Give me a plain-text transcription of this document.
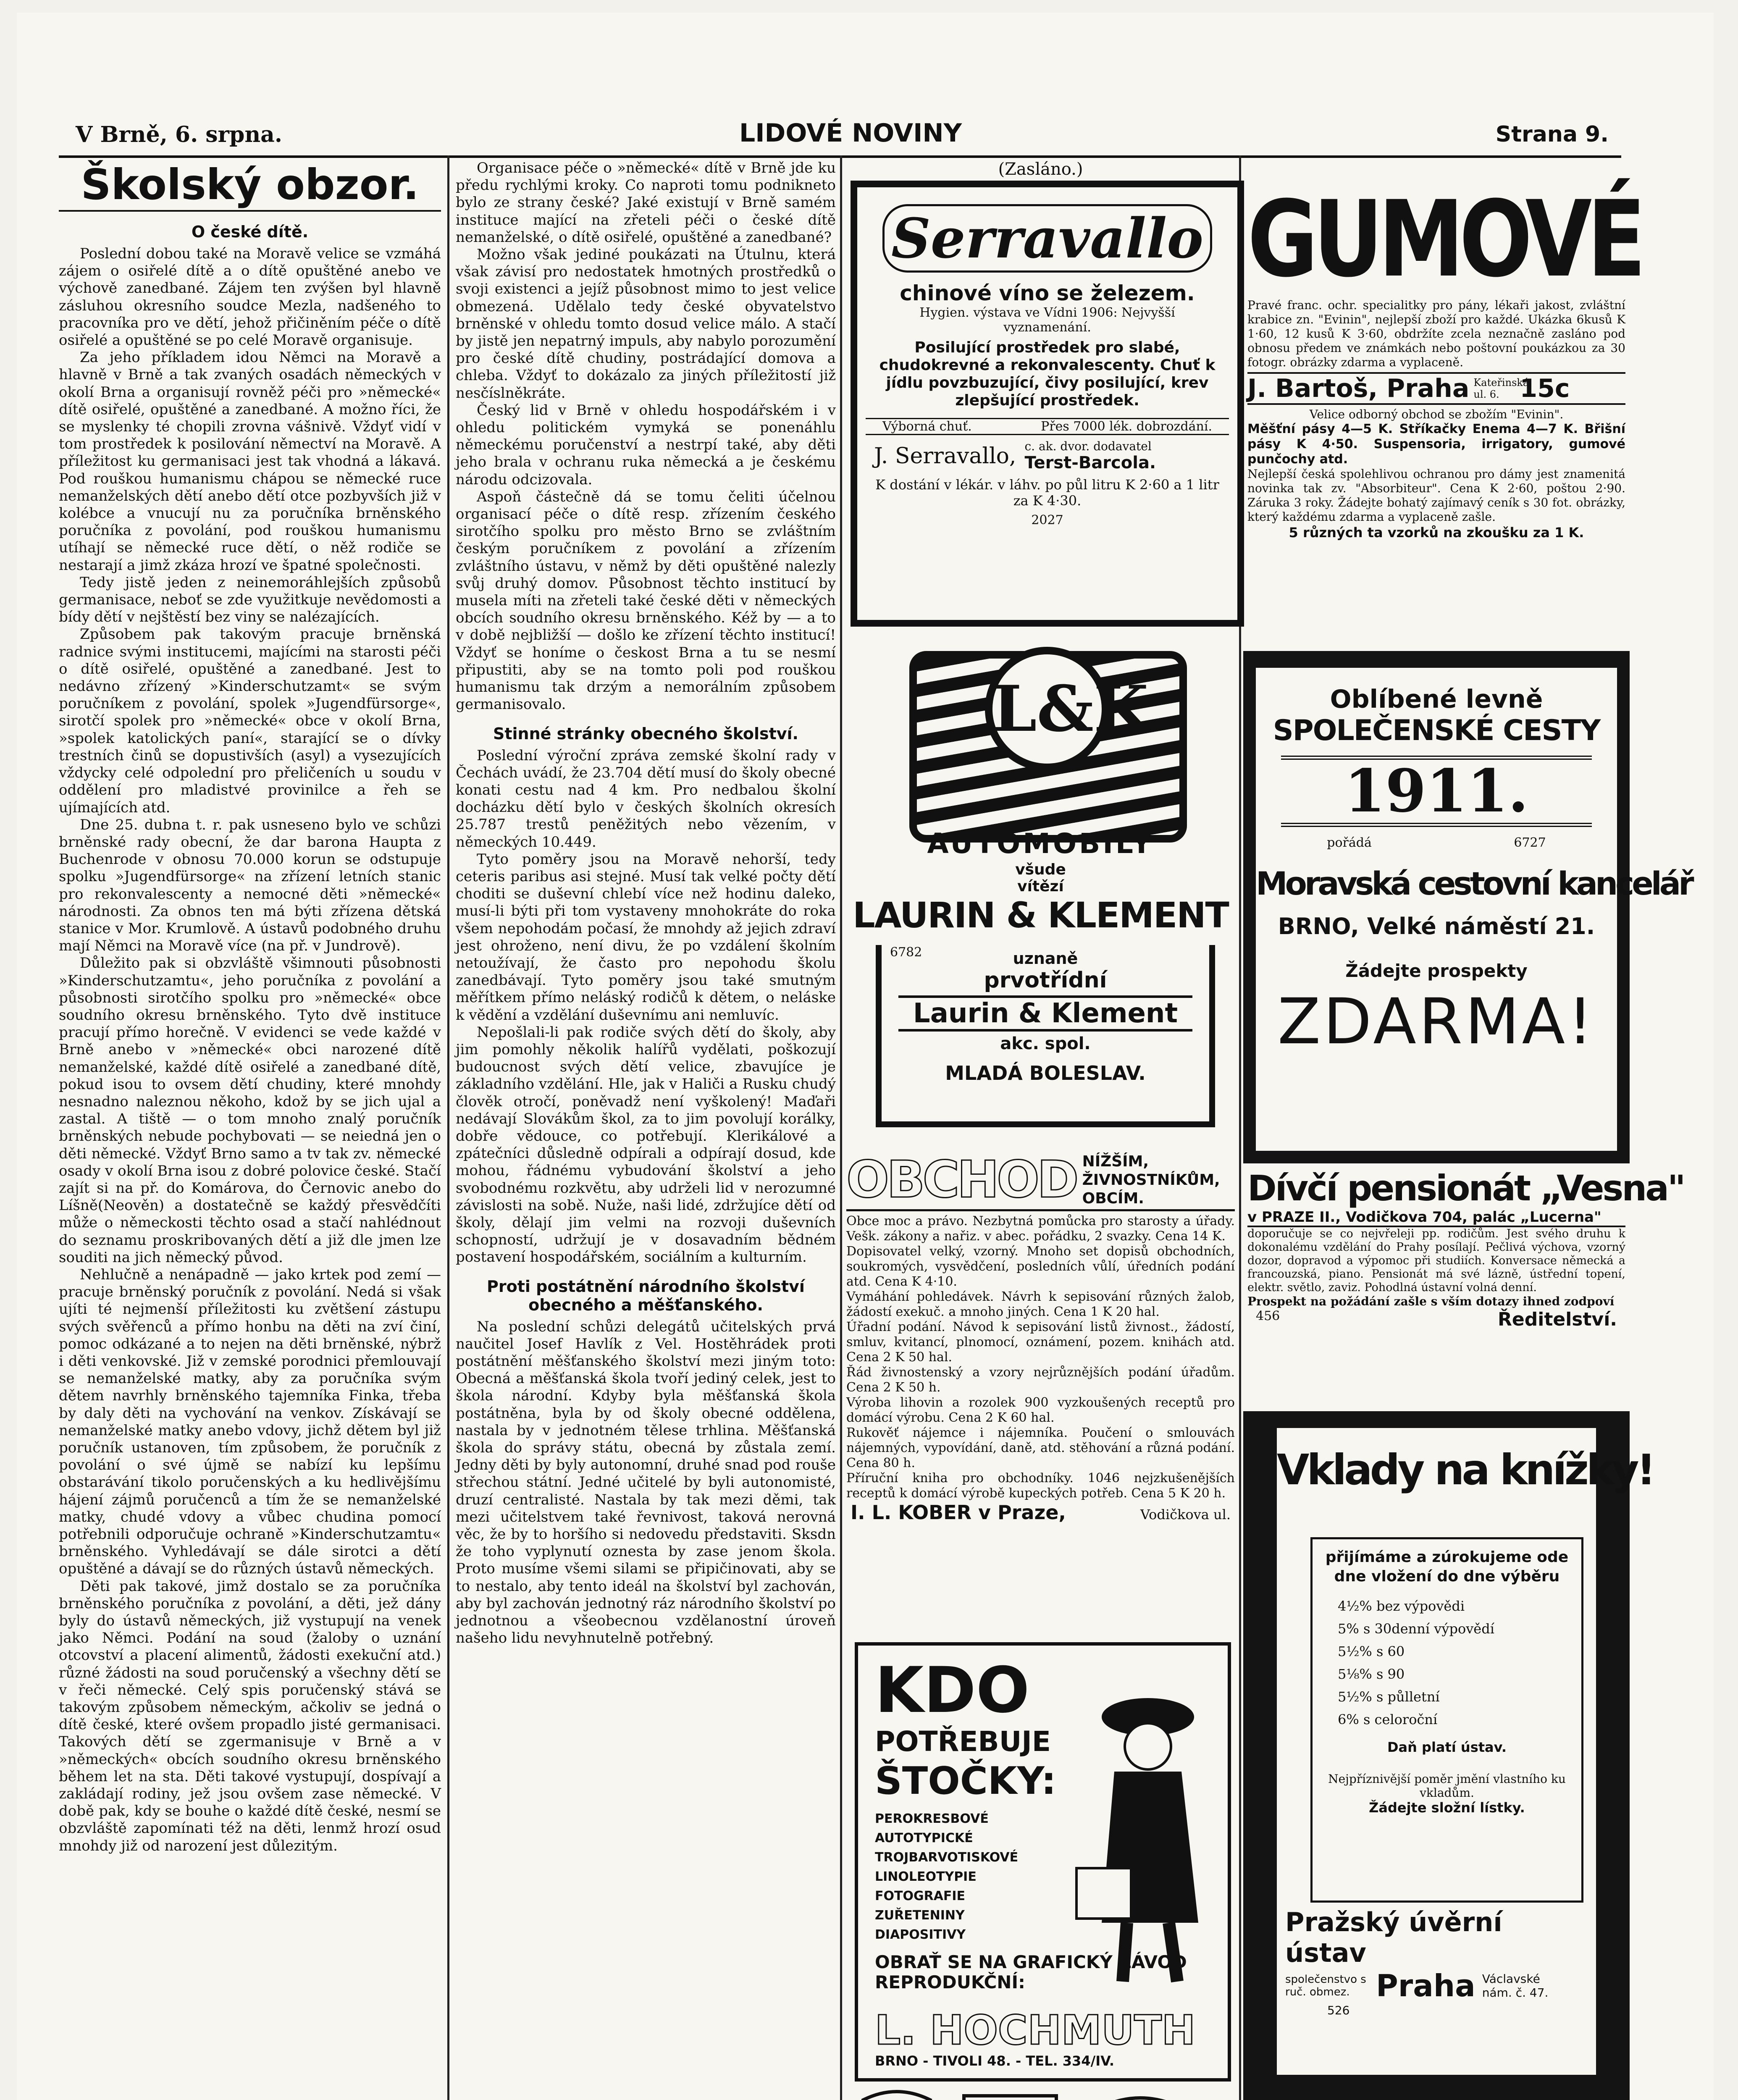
V Brně, 6. srpna.	LIDOVÉ NOVINY	Strana 9.
Školský obzor.
O české dítě.

Poslední dobou také na Moravě velice se vzmáhá zájem o osiřelé dítě a o dítě opuštěné anebo ve výchově zanedbané. Zájem ten zvýšen byl hlavně zásluhou okresního soudce Mezla, nadšeného to pracovníka pro ve dětí, jehož přičiněním péče o dítě osiřelé a opuštěné se po celé Moravě organisuje.

Za jeho příkladem idou Němci na Moravě a hlavně v Brně a tak zvaných osadách německých v okolí Brna a organisují rovněž péči pro »německé« dítě osiřelé, opuštěné a zanedbané. A možno říci, že se myslenky té chopili zrovna vášnivě. Vždyť vidí v tom prostředek k posilování němectví na Moravě. A příležitost ku germanisaci jest tak vhodná a lákavá. Pod rouškou humanismu chápou se německé ruce nemanželských dětí anebo dětí otce pozbyvších již v kolébce a vnucují nu za poručníka brněnského poručníka z povolání, pod rouškou humanismu utíhají se německé ruce dětí, o něž rodiče se nestarají a jimž zkáza hrozí ve špatné společnosti.

Tedy jistě jeden z neinemoráhlejších způsobů germanisace, neboť se zde využitkuje nevědomosti a bídy dětí v nejštěstí bez viny se nalézajících.

Způsobem pak takovým pracuje brněnská radnice svými institucemi, majícími na starosti péči o dítě osiřelé, opuštěné a zanedbané. Jest to nedávno zřízený »Kinderschutzamt« se svým poručníkem z povolání, spolek »Jugendfürsorge«, sirotčí spolek pro »německé« obce v okolí Brna, »spolek katolických paní«, starající se o dívky trestních činů se dopustivších (asyl) a vysezujících vždycky celé odpolední pro přeličeních u soudu v oddělení pro mladistvé provinilce a řeh se ujímajících atd.

Dne 25. dubna t. r. pak usneseno bylo ve schůzi brněnské rady obecní, že dar barona Haupta z Buchenrode v obnosu 70.000 korun se odstupuje spolku »Jugendfürsorge« na zřízení letních stanic pro rekonvalescenty a nemocné děti »německé« národnosti. Za obnos ten má býti zřízena dětská stanice v Mor. Krumlově. A ústavů podobného druhu mají Němci na Moravě více (na př. v Jundrově).

Důležito pak si obzvláště všimnouti působnosti »Kinderschutzamtu«, jeho poručníka z povolání a působnosti sirotčího spolku pro »německé« obce soudního okresu brněnského. Tyto dvě instituce pracují přímo horečně. V evidenci se vede každé v Brně anebo v »německé« obci narozené dítě nemanželské, každé dítě osiřelé a zanedbané dítě, pokud isou to ovsem dětí chudiny, které mnohdy nesnadno naleznou někoho, kdož by se jich ujal a zastal. A tiště — o tom mnoho znalý poručník brněnských nebude pochybovati — se neiedná jen o děti německé. Vždyť Brno samo a tv tak zv. německé osady v okolí Brna isou z dobré polovice české. Stačí zajít si na př. do Komárova, do Černovic anebo do Líšně(Neověn) a dostatečně se každý přesvědčíti může o německosti těchto osad a stačí nahlédnout do seznamu proskribovaných dětí a již dle jmen lze souditi na jich německý původ.

Nehlučně a nenápadně — jako krtek pod zemí — pracuje brněnský poručník z povolání. Nedá si však ujíti té nejmenší příležitosti ku zvětšení zástupu svých svěřenců a přímo honbu na děti na zví činí, pomoc odkázané a to nejen na děti brněnské, nýbrž i děti venkovské. Již v zemské porodnici přemlouvají se nemanželské matky, aby za poručníka svým dětem navrhly brněnského tajemníka Finka, třeba by daly děti na vychování na venkov. Získávají se nemanželské matky anebo vdovy, jichž dětem byl již poručník ustanoven, tím způsobem, že poručník z povolání o své újmě se nabízí ku lepšímu obstarávání tikolo poručenských a ku hedlivějšímu hájení zájmů poručenců a tím že se nemanželské matky, chudé vdovy a vůbec chudina pomocí potřebnili odporučuje ochraně »Kinderschutzamtu« brněnského. Vyhledávají se dále sirotci a dětí opuštěné a dávají se do různých ústavů německých.

Děti pak takové, jimž dostalo se za poručníka brněnského poručníka z povolání, a děti, jež dány byly do ústavů německých, již vystupují na venek jako Němci. Podání na soud (žaloby o uznání otcovství a placení alimentů, žádosti exekuční atd.) různé žádosti na soud poručenský a všechny dětí se v řeči německé. Celý spis poručenský stává se takovým způsobem německým, ačkoliv se jedná o dítě české, které ovšem propadlo jisté germanisaci. Takových dětí se zgermanisuje v Brně a v »německých« obcích soudního okresu brněnského během let na sta. Děti takové vystupují, dospívají a zakládají rodiny, jež jsou ovšem zase německé. V době pak, kdy se bouhe o každé dítě české, nesmí se obzvláště zapomínati též na děti, lenmž hrozí osud mnohdy již od narození jest důlezitým.

Organisace péče o »německé« dítě v Brně jde ku předu rychlými kroky. Co naproti tomu podnikneto bylo ze strany české? Jaké existují v Brně samém instituce mající na zřeteli péči o české dítě nemanželské, o dítě osiřelé, opuštěné a zanedbané?

Možno však jediné poukázati na Útulnu, která však závisí pro nedostatek hmotných prostředků o svoji existenci a jejíž působnost mimo to jest velice obmezená. Udělalo tedy české obyvatelstvo brněnské v ohledu tomto dosud velice málo. A stačí by jistě jen nepatrný impuls, aby nabylo porozumění pro české dítě chudiny, postrádající domova a chleba. Vždyť to dokázalo za jiných příležitostí již nesčíslněkráte.

Český lid v Brně v ohledu hospodářském i v ohledu politickém vymyká se ponenáhlu německému poručenství a nestrpí také, aby děti jeho brala v ochranu ruka německá a je českému národu odcizovala.

Aspoň částečně dá se tomu čeliti účelnou organisací péče o dítě resp. zřízením českého sirotčího spolku pro město Brno se zvláštním českým poručníkem z povolání a zřízením zvláštního ústavu, v němž by děti opuštěné nalezly svůj druhý domov. Působnost těchto institucí by musela míti na zřeteli také české děti v německých obcích soudního okresu brněnského. Kéž by — a to v době nejbližší — došlo ke zřízení těchto institucí! Vždyť se honíme o českost Brna a tu se nesmí připustiti, aby se na tomto poli pod rouškou humanismu tak drzým a nemorálním způsobem germanisovalo.

Stinné stránky obecného školství.

Poslední výroční zpráva zemské školní rady v Čechách uvádí, že 23.704 dětí musí do školy obecné konati cestu nad 4 km. Pro nedbalou školní docházku dětí bylo v českých školních okresích 25.787 trestů peněžitých nebo vězením, v německých 10.449.

Tyto poměry jsou na Moravě nehorší, tedy ceteris paribus asi stejné. Musí tak velké počty dětí choditi se duševní chlebí více než hodinu daleko, musí-li býti při tom vystaveny mnohokráte do roka všem nepohodám počasí, že mnohdy až jejich zdraví jest ohroženo, není divu, že po vzdálení školním netoužívají, že často pro nepohodu školu zanedbávají. Tyto poměry jsou také smutným měřítkem přímo neláský rodičů k dětem, o neláske k vědění a vzdělání duševnímu ani nemluvíc.

Nepošlali-li pak rodiče svých dětí do školy, aby jim pomohly několik halířů vydělati, poškozují budoucnost svých dětí velice, zbavujíce je základního vzdělání. Hle, jak v Haliči a Rusku chudý člověk otročí, poněvadž není vyškolený! Maďaři nedávají Slovákům škol, za to jim povolují korálky, dobře vědouce, co potřebují. Klerikálové a zpátečníci důsledně odpírali a odpírají dosud, kde mohou, řádnému vybudování školství a jeho svobodnému rozkvětu, aby udrželi lid v nerozumné závislosti na sobě. Nuže, naši lidé, zdržujíce dětí od školy, dělají jim velmi na rozvoji duševních schopností, udržují je v dosavadním bědném postavení hospodářském, sociálním a kulturním.

Proti postátnění národního školství obecného a měšťanského.

Na poslední schůzi delegátů učitelských prvá naučitel Josef Havlík z Vel. Hostěhrádek proti postátnění měšťanského školství mezi jiným toto: Obecná a měšťanská škola tvoří jediný celek, jest to škola národní. Kdyby byla měšťanská škola postátněna, byla by od školy obecné oddělena, nastala by v jednotném tělese trhlina. Měšťanská škola do správy státu, obecná by zůstala zemí. Jedny děti by byly autonomní, druhé snad pod rouše střechou státní. Jedné učitelé by byli autonomisté, druzí centralisté. Nastala by tak mezi děmi, tak mezi učitelstvem také řevnivost, taková nerovná věc, že by to horšího si nedovedu představiti. Sksdn že toho vyplynutí oznesta by zase jenom škola. Proto musíme všemi silami se připičinovati, aby se to nestalo, aby tento ideál na školství byl zachován, aby byl zachován jednotný ráz národního školství po jednotnou a všeobecnou vzdělanostní úroveň našeho lidu nevyhnutelně potřebný.

(Zasláno.)
Serravallo
chinové víno se železem.
Hygien. výstava ve Vídni 1906: Nejvyšší vyznamenání.
Posilující prostředek pro slabé, chudokrevné a rekonvalescenty. Chuť k jídlu povzbuzující, čivy posilující, krev zlepšující prostředek.
Výborná chuť.	Přes 7000 lék. dobrozdání.
J. Serravallo, c. ak. dvor. dodavatel
Terst-Barcola.
K dostání v lékár. v láhv. po půl litru K 2·60 a 1 litr za K 4·30.
2027
L&K
AUTOMOBILY
všude
vítězí
LAURIN & KLEMENT
6782	uznaně
prvotřídní
Laurin & Klement
akc. spol.
MLADÁ BOLESLAV.
OBCHOD NÍŽŠÍM, ŽIVNOSTNÍKŮM, OBCÍM.

Obce moc a právo. Nezbytná pomůcka pro starosty a úřady. Vešk. zákony a nařiz. v abec. pořádku, 2 svazky. Cena 14 K.

Dopisovatel velký, vzorný. Mnoho set dopisů obchodních, soukromých, vysvědčení, posledních vůlí, úředních podání atd. Cena K 4·10.

Vymáhání pohledávek. Návrh k sepisování různých žalob, žádostí exekuč. a mnoho jiných. Cena 1 K 20 hal.

Úřadní podání. Návod k sepisování listů živnost., žádostí, smluv, kvitancí, plnomocí, oznámení, pozem. knihách atd. Cena 2 K 50 hal.

Řád živnostenský a vzory nejrůznějších podání úřadům. Cena 2 K 50 h.

Výroba lihovin a rozolek 900 vyzkoušených receptů pro domácí výrobu. Cena 2 K 60 hal.

Rukověť nájemce i nájemníka. Poučení o smlouvách nájemných, vypovídání, daně, atd. stěhování a různá podání. Cena 80 h.

Příruční kniha pro obchodníky. 1046 nejzkušenějších receptů k domácí výrobě kupeckých potřeb. Cena 5 K 20 h.

I. L. KOBER v Praze,	Vodičkova ul.
KDO
POTŘEBUJE
ŠTOČKY:
PEROKRESBOVÉ
AUTOTYPICKÉ
TROJBARVOTISKOVÉ
LINOLEOTYPIE
FOTOGRAFIE
ZUŘETENINY
DIAPOSITIVY
OBRAŤ SE NA GRAFICKÝ ZÁVOD REPRODUKČNÍ:
L. HOCHMUTH
BRNO - TIVOLI 48. - TEL. 334/IV.
GUMOVÉ

Pravé franc. ochr. specialitky pro pány, lékaři jakost, zvláštní krabice zn. "Evinin", nejlepší zboží pro každé. Ukázka 6kusů K 1·60, 12 kusů K 3·60, obdržíte zcela neznačně zasláno pod obnosu předem ve známkách nebo poštovní poukázkou za 30 fotogr. obrázky zdarma a vyplaceně.

J. Bartoš, Praha Kateřinská ul. 6. 15c

Velice odborný obchod se zbožím "Evinin".

Měšťní pásy 4—5 K. Stříkačky Enema 4—7 K. Břišní pásy K 4·50. Suspensoria, irrigatory, gumové punčochy atd.

Nejlepší česká spolehlivou ochranou pro dámy jest znamenitá novinka tak zv. "Absorbiteur". Cena K 2·60, poštou 2·90. Záruka 3 roky. Žádejte bohatý zajímavý ceník s 30 fot. obrázky, který každému zdarma a vyplaceně zašle.

5 různých ta vzorků na zkoušku za 1 K.

Oblíbené levně
SPOLEČENSKÉ CESTY
1911.
pořádá	6727
Moravská cestovní kancelář
BRNO, Velké náměstí 21.
Žádejte prospekty
ZDARMA!
Dívčí pensionát „Vesna"
v PRAZE II., Vodičkova 704, palác „Lucerna"

doporučuje se co nejvřeleji pp. rodičům. Jest svého druhu k dokonalému vzdělání do Prahy posílají. Pečlivá výchova, vzorný dozor, dopravod a výpomoc při studiích. Konversace německá a francouzská, piano. Pensionát má své lázně, ústřední topení, elektr. světlo, zaviz. Pohodlná ústavní volná denní.

Prospekt na požádání zašle s vším dotazy ihned zodpoví

456	Ředitelství.
Vklady na knížky!
přijímáme a zúrokujeme ode dne vložení do dne výběru
4½% bez výpovědi
5% s 30denní výpovědí
5½% s 60
5⅛% s 90
5½% s půlletní
6% s celoroční
Daň platí ústav.
Nejpříznivější poměr jmění vlastního ku vkladům.
Žádejte složní lístky.
Pražský úvěrní ústav
společenstvo s ruč. obmez. Praha Václavské nám. č. 47.
526
